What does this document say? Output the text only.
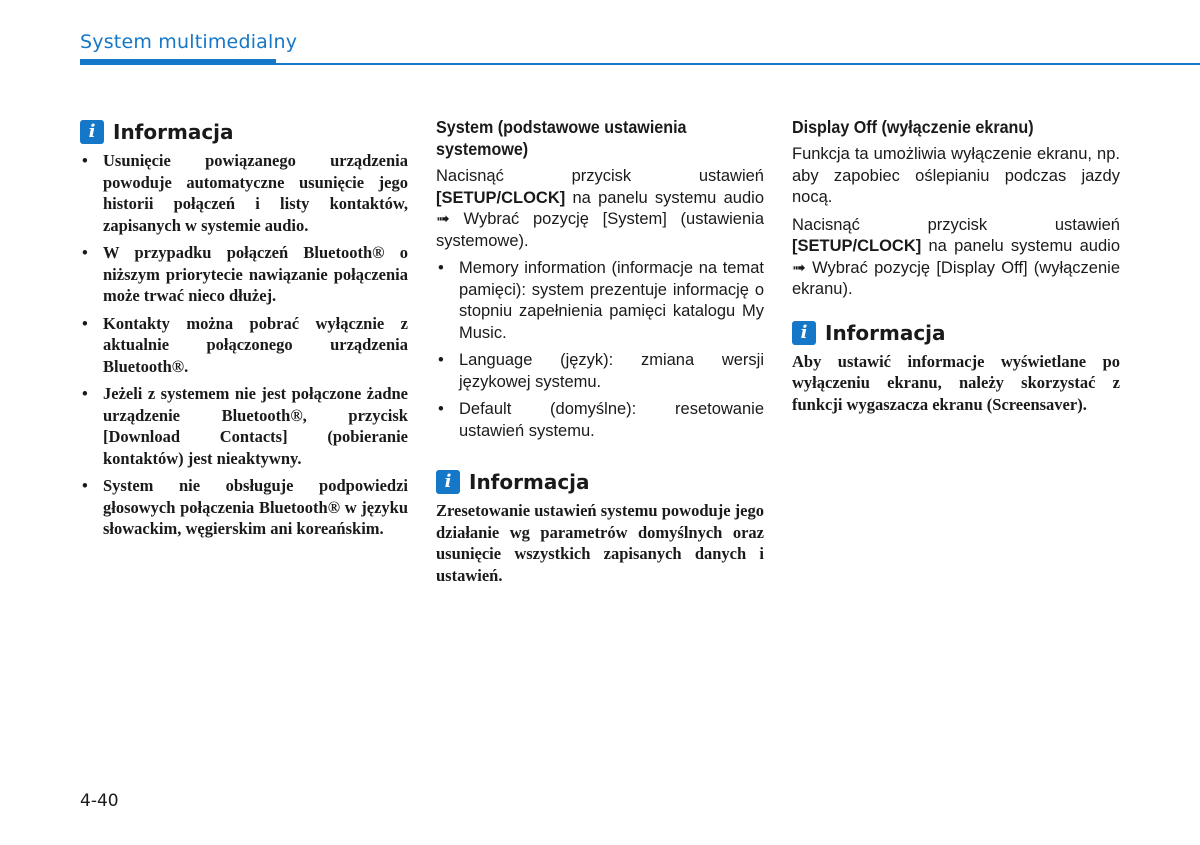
System multimedialny
i Informacja
• Usunięcie powiązanego urządzenia powoduje automatyczne usunięcie jego historii połączeń i listy kontaktów, zapisanych w systemie audio.
• W przypadku połączeń Bluetooth® o niższym priorytecie nawiązanie połączenia może trwać nieco dłużej.
• Kontakty można pobrać wyłącznie z aktualnie połączonego urządzenia Bluetooth®.
• Jeżeli z systemem nie jest połączone żadne urządzenie Bluetooth®, przycisk [Download Contacts] (pobieranie kontaktów) jest nieaktywny.
• System nie obsługuje podpowiedzi głosowych połączenia Bluetooth® w języku słowackim, węgierskim ani koreańskim.
System (podstawowe ustawienia systemowe)

Nacisnąć przycisk ustawień [SETUP/CLOCK] na panelu systemu audio ➟ Wybrać pozycję [System] (ustawienia systemowe).

• Memory information (informacje na temat pamięci): system prezentuje informację o stopniu zapełnienia pamięci katalogu My Music.
• Language (język): zmiana wersji językowej systemu.
• Default (domyślne): resetowanie ustawień systemu.
i Informacja
Zresetowanie ustawień systemu powoduje jego działanie wg parametrów domyślnych oraz usunięcie wszystkich zapisanych danych i ustawień.
Display Off (wyłączenie ekranu)

Funkcja ta umożliwia wyłączenie ekranu, np. aby zapobiec oślepianiu podczas jazdy nocą.

Nacisnąć przycisk ustawień [SETUP/CLOCK] na panelu systemu audio ➟ Wybrać pozycję [Display Off] (wyłączenie ekranu).

i Informacja
Aby ustawić informacje wyświetlane po wyłączeniu ekranu, należy skorzystać z funkcji wygaszacza ekranu (Screensaver).
4-40
